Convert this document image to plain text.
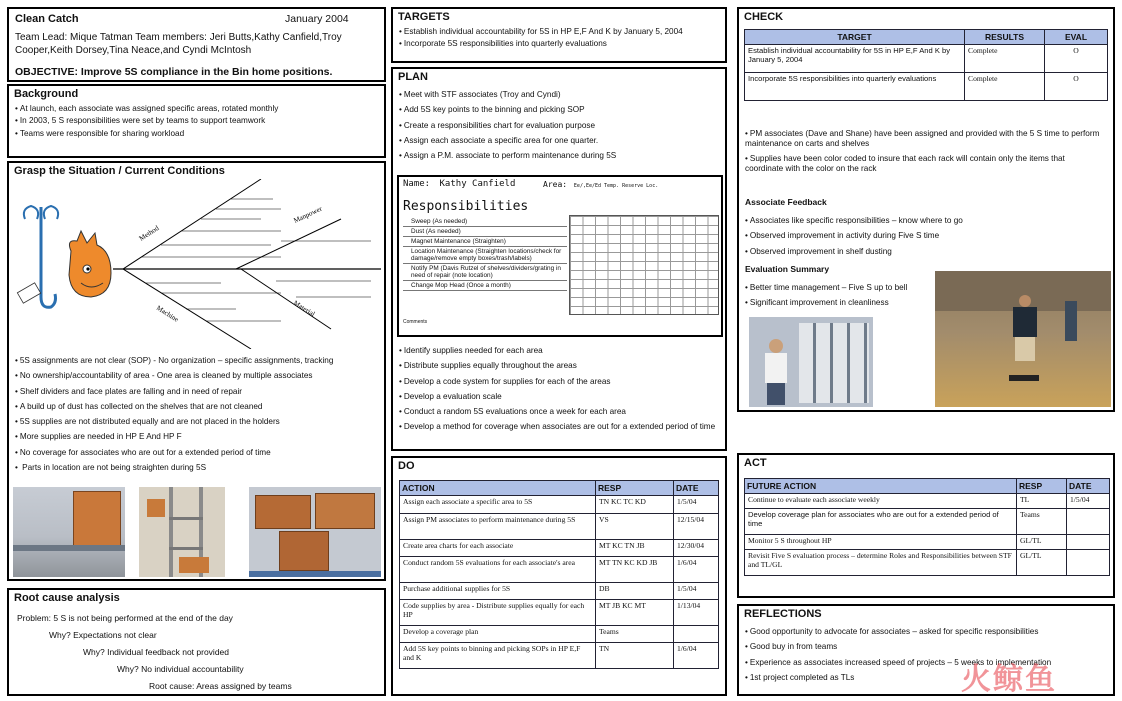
Clean Catch	January 2004
Team Lead: Mique Tatman Team members: Jeri Butts,Kathy Canfield,Troy Cooper,Keith Dorsey,Tina Neace,and Cyndi McIntosh
OBJECTIVE: Improve 5S compliance in the Bin home positions.
Background
• At launch, each associate was assigned specific areas, rotated monthly
• In 2003, 5 S responsibilities were set by teams to support teamwork
• Teams were responsible for sharing workload
Grasp the Situation / Current Conditions
Method
Manpower
Machine	Material
• 5S assignments are not clear (SOP) - No organization – specific assignments, tracking
• No ownership/accountability of area - One area is cleaned by multiple associates
• Shelf dividers and face plates are falling and in need of repair
• A build up of dust has collected on the shelves that are not cleaned
• 5S supplies are not distributed equally and are not placed in the holders
• More supplies are needed in HP E And HP F
• No coverage for associates who are out for a extended period of time
• Parts in location are not being straighten during 5S
Root cause analysis
Problem: 5 S is not being performed at the end of the day
Why? Expectations not clear
Why? Individual feedback not provided
Why? No individual accountability
Root cause: Areas assigned by teams
TARGETS
• Establish individual accountability for 5S in HP E,F And K by January 5, 2004
• Incorporate 5S responsibilities into quarterly evaluations
PLAN
• Meet with STF associates (Troy and Cyndi)
• Add 5S key points to the binning and picking SOP
• Create a responsibilities chart for evaluation purpose
• Assign each associate a specific area for one quarter.
• Assign a P.M. associate to perform maintenance during 5S
Name: Kathy Canfield	Area: Ee/,Ee/Ed Temp. Reserve Loc.
Responsibilities
Sweep (As needed)
Dust (As needed)
Magnet Maintenance (Straighten)
Location Maintenance (Straighten locations/check for damage/remove empty boxes/trash/labels)
Notify PM (Davis Rutzel of shelves/dividers/grating in need of repair (note location)
Change Mop Head (Once a month)
Comments
• Identify supplies needed for each area
• Distribute supplies equally throughout the areas
• Develop a code system for supplies for each of the areas
• Develop a evaluation scale
• Conduct a random 5S evaluations once a week for each area
• Develop a method for coverage when associates are out for a extended period of time
DO
ACTION	RESP	DATE
Assign each associate a specific area to 5S	TN KC TC KD	1/5/04
Assign PM associates to perform maintenance during 5S	VS	12/15/04
Create area charts for each associate	MT KC TN JB	12/30/04
Conduct random 5S evaluations for each associate's area	MT TN KC KD JB	1/6/04
Purchase additional supplies for 5S	DB	1/5/04
Code supplies by area - Distribute supplies equally for each HP	MT JB KC MT	1/13/04
Develop a coverage plan	Teams	
Add 5S key points to binning and picking SOPs in HP E,F and K	TN	1/6/04
CHECK
TARGET	RESULTS	EVAL
Establish individual accountability for 5S in HP E,F And K by January 5, 2004	Complete	O
Incorporate 5S responsibilities into quarterly evaluations	Complete	O
• PM associates (Dave and Shane) have been assigned and provided with the 5 S time to perform maintenance on carts and shelves
• Supplies have been color coded to insure that each rack will contain only the items that coordinate with the color on the rack
Associate Feedback
• Associates like specific responsibilities – know where to go
• Observed improvement in activity during Five S time
• Observed improvement in shelf dusting
Evaluation Summary
• Better time management – Five S up to bell
• Significant improvement in cleanliness
ACT
FUTURE ACTION	RESP	DATE
Continue to evaluate each associate weekly	TL	1/5/04
Develop coverage plan for associates who are out for a extended period of time	Teams	
Monitor 5 S throughout HP	GL/TL	
Revisit Five S evaluation process – determine Roles and Responsibilities between STF and TL/GL	GL/TL	
REFLECTIONS
• Good opportunity to advocate for associates – asked for specific responsibilities
• Good buy in from teams
• Experience as associates increased speed of projects – 5 weeks to implementation
• 1st project completed as TLs	火鲸鱼
